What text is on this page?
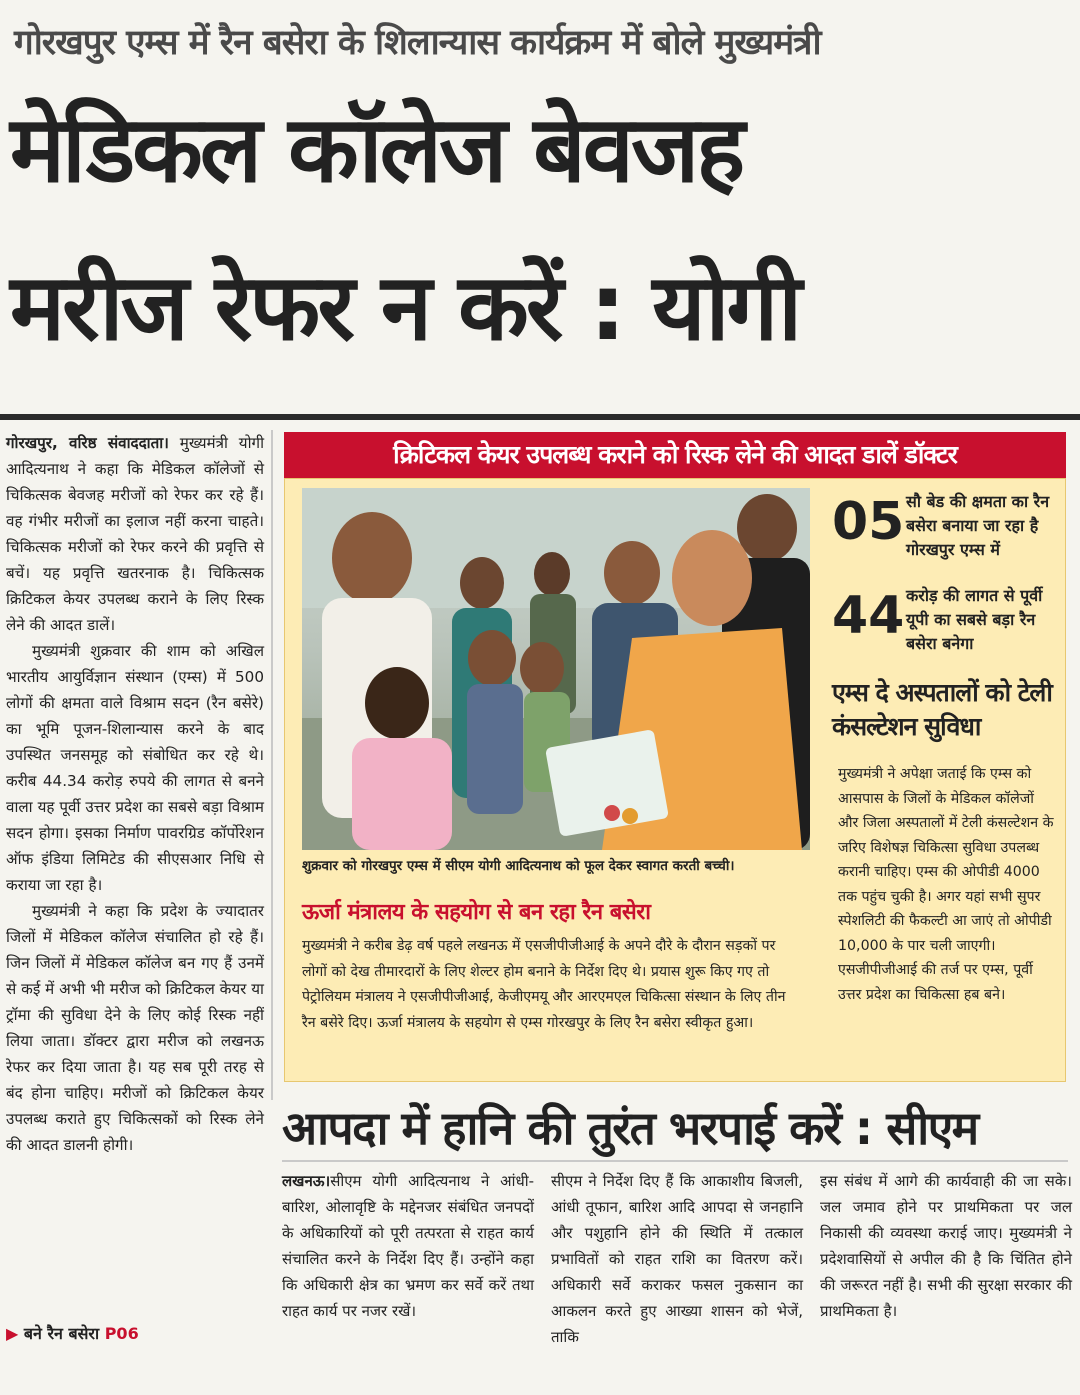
गोरखपुर एम्स में रैन बसेरा के शिलान्यास कार्यक्रम में बोले मुख्यमंत्री
मेडिकल कॉलेज बेवजह
मरीज रेफर न करें : योगी

गोरखपुर, वरिष्ठ संवाददाता। मुख्यमंत्री योगी आदित्यनाथ ने कहा कि मेडिकल कॉलेजों से चिकित्सक बेवजह मरीजों को रेफर कर रहे हैं। वह गंभीर मरीजों का इलाज नहीं करना चाहते। चिकित्सक मरीजों को रेफर करने की प्रवृत्ति से बचें। यह प्रवृत्ति खतरनाक है। चिकित्सक क्रिटिकल केयर उपलब्ध कराने के लिए रिस्क लेने की आदत डालें।

मुख्यमंत्री शुक्रवार की शाम को अखिल भारतीय आयुर्विज्ञान संस्थान (एम्स) में 500 लोगों की क्षमता वाले विश्राम सदन (रैन बसेरे) का भूमि पूजन-शिलान्यास करने के बाद उपस्थित जनसमूह को संबोधित कर रहे थे। करीब 44.34 करोड़ रुपये की लागत से बनने वाला यह पूर्वी उत्तर प्रदेश का सबसे बड़ा विश्राम सदन होगा। इसका निर्माण पावरग्रिड कॉर्पोरेशन ऑफ इंडिया लिमिटेड की सीएसआर निधि से कराया जा रहा है।

मुख्यमंत्री ने कहा कि प्रदेश के ज्यादातर जिलों में मेडिकल कॉलेज संचालित हो रहे हैं। जिन जिलों में मेडिकल कॉलेज बन गए हैं उनमें से कई में अभी भी मरीज को क्रिटिकल केयर या ट्रॉमा की सुविधा देने के लिए कोई रिस्क नहीं लिया जाता। डॉक्टर द्वारा मरीज को लखनऊ रेफर कर दिया जाता है। यह सब पूरी तरह से बंद होना चाहिए। मरीजों को क्रिटिकल केयर उपलब्ध कराते हुए चिकित्सकों को रिस्क लेने की आदत डालनी होगी।

▶ बने रैन बसेरा P06
क्रिटिकल केयर उपलब्ध कराने को रिस्क लेने की आदत डालें डॉक्टर
शुक्रवार को गोरखपुर एम्स में सीएम योगी आदित्यनाथ को फूल देकर स्वागत करती बच्ची।
ऊर्जा मंत्रालय के सहयोग से बन रहा रैन बसेरा
मुख्यमंत्री ने करीब डेढ़ वर्ष पहले लखनऊ में एसजीपीजीआई के अपने दौरे के दौरान सड़कों पर लोगों को देख तीमारदारों के लिए शेल्टर होम बनाने के निर्देश दिए थे। प्रयास शुरू किए गए तो पेट्रोलियम मंत्रालय ने एसजीपीजीआई, केजीएमयू और आरएमएल चिकित्सा संस्थान के लिए तीन रैन बसेरे दिए। ऊर्जा मंत्रालय के सहयोग से एम्स गोरखपुर के लिए रैन बसेरा स्वीकृत हुआ।
05 सौ बेड की क्षमता का रैन बसेरा बनाया जा रहा है गोरखपुर एम्स में
44 करोड़ की लागत से पूर्वी यूपी का सबसे बड़ा रैन बसेरा बनेगा
एम्स दे अस्पतालों को टेली कंसल्टेशन सुविधा
मुख्यमंत्री ने अपेक्षा जताई कि एम्स को आसपास के जिलों के मेडिकल कॉलेजों और जिला अस्पतालों में टेली कंसल्टेशन के जरिए विशेषज्ञ चिकित्सा सुविधा उपलब्ध करानी चाहिए। एम्स की ओपीडी 4000 तक पहुंच चुकी है। अगर यहां सभी सुपर स्पेशलिटी की फैकल्टी आ जाएं तो ओपीडी 10,000 के पार चली जाएगी। एसजीपीजीआई की तर्ज पर एम्स, पूर्वी उत्तर प्रदेश का चिकित्सा हब बने।
आपदा में हानि की तुरंत भरपाई करें : सीएम
लखनऊ।सीएम योगी आदित्यनाथ ने आंधी-बारिश, ओलावृष्टि के मद्देनजर संबंधित जनपदों के अधिकारियों को पूरी तत्परता से राहत कार्य संचालित करने के निर्देश दिए हैं। उन्होंने कहा कि अधिकारी क्षेत्र का भ्रमण कर सर्वे करें तथा राहत कार्य पर नजर रखें।
सीएम ने निर्देश दिए हैं कि आकाशीय बिजली, आंधी तूफान, बारिश आदि आपदा से जनहानि और पशुहानि होने की स्थिति में तत्काल प्रभावितों को राहत राशि का वितरण करें। अधिकारी सर्वे कराकर फसल नुकसान का आकलन करते हुए आख्या शासन को भेजें, ताकि
इस संबंध में आगे की कार्यवाही की जा सके। जल जमाव होने पर प्राथमिकता पर जल निकासी की व्यवस्था कराई जाए। मुख्यमंत्री ने प्रदेशवासियों से अपील की है कि चिंतित होने की जरूरत नहीं है। सभी की सुरक्षा सरकार की प्राथमिकता है।
